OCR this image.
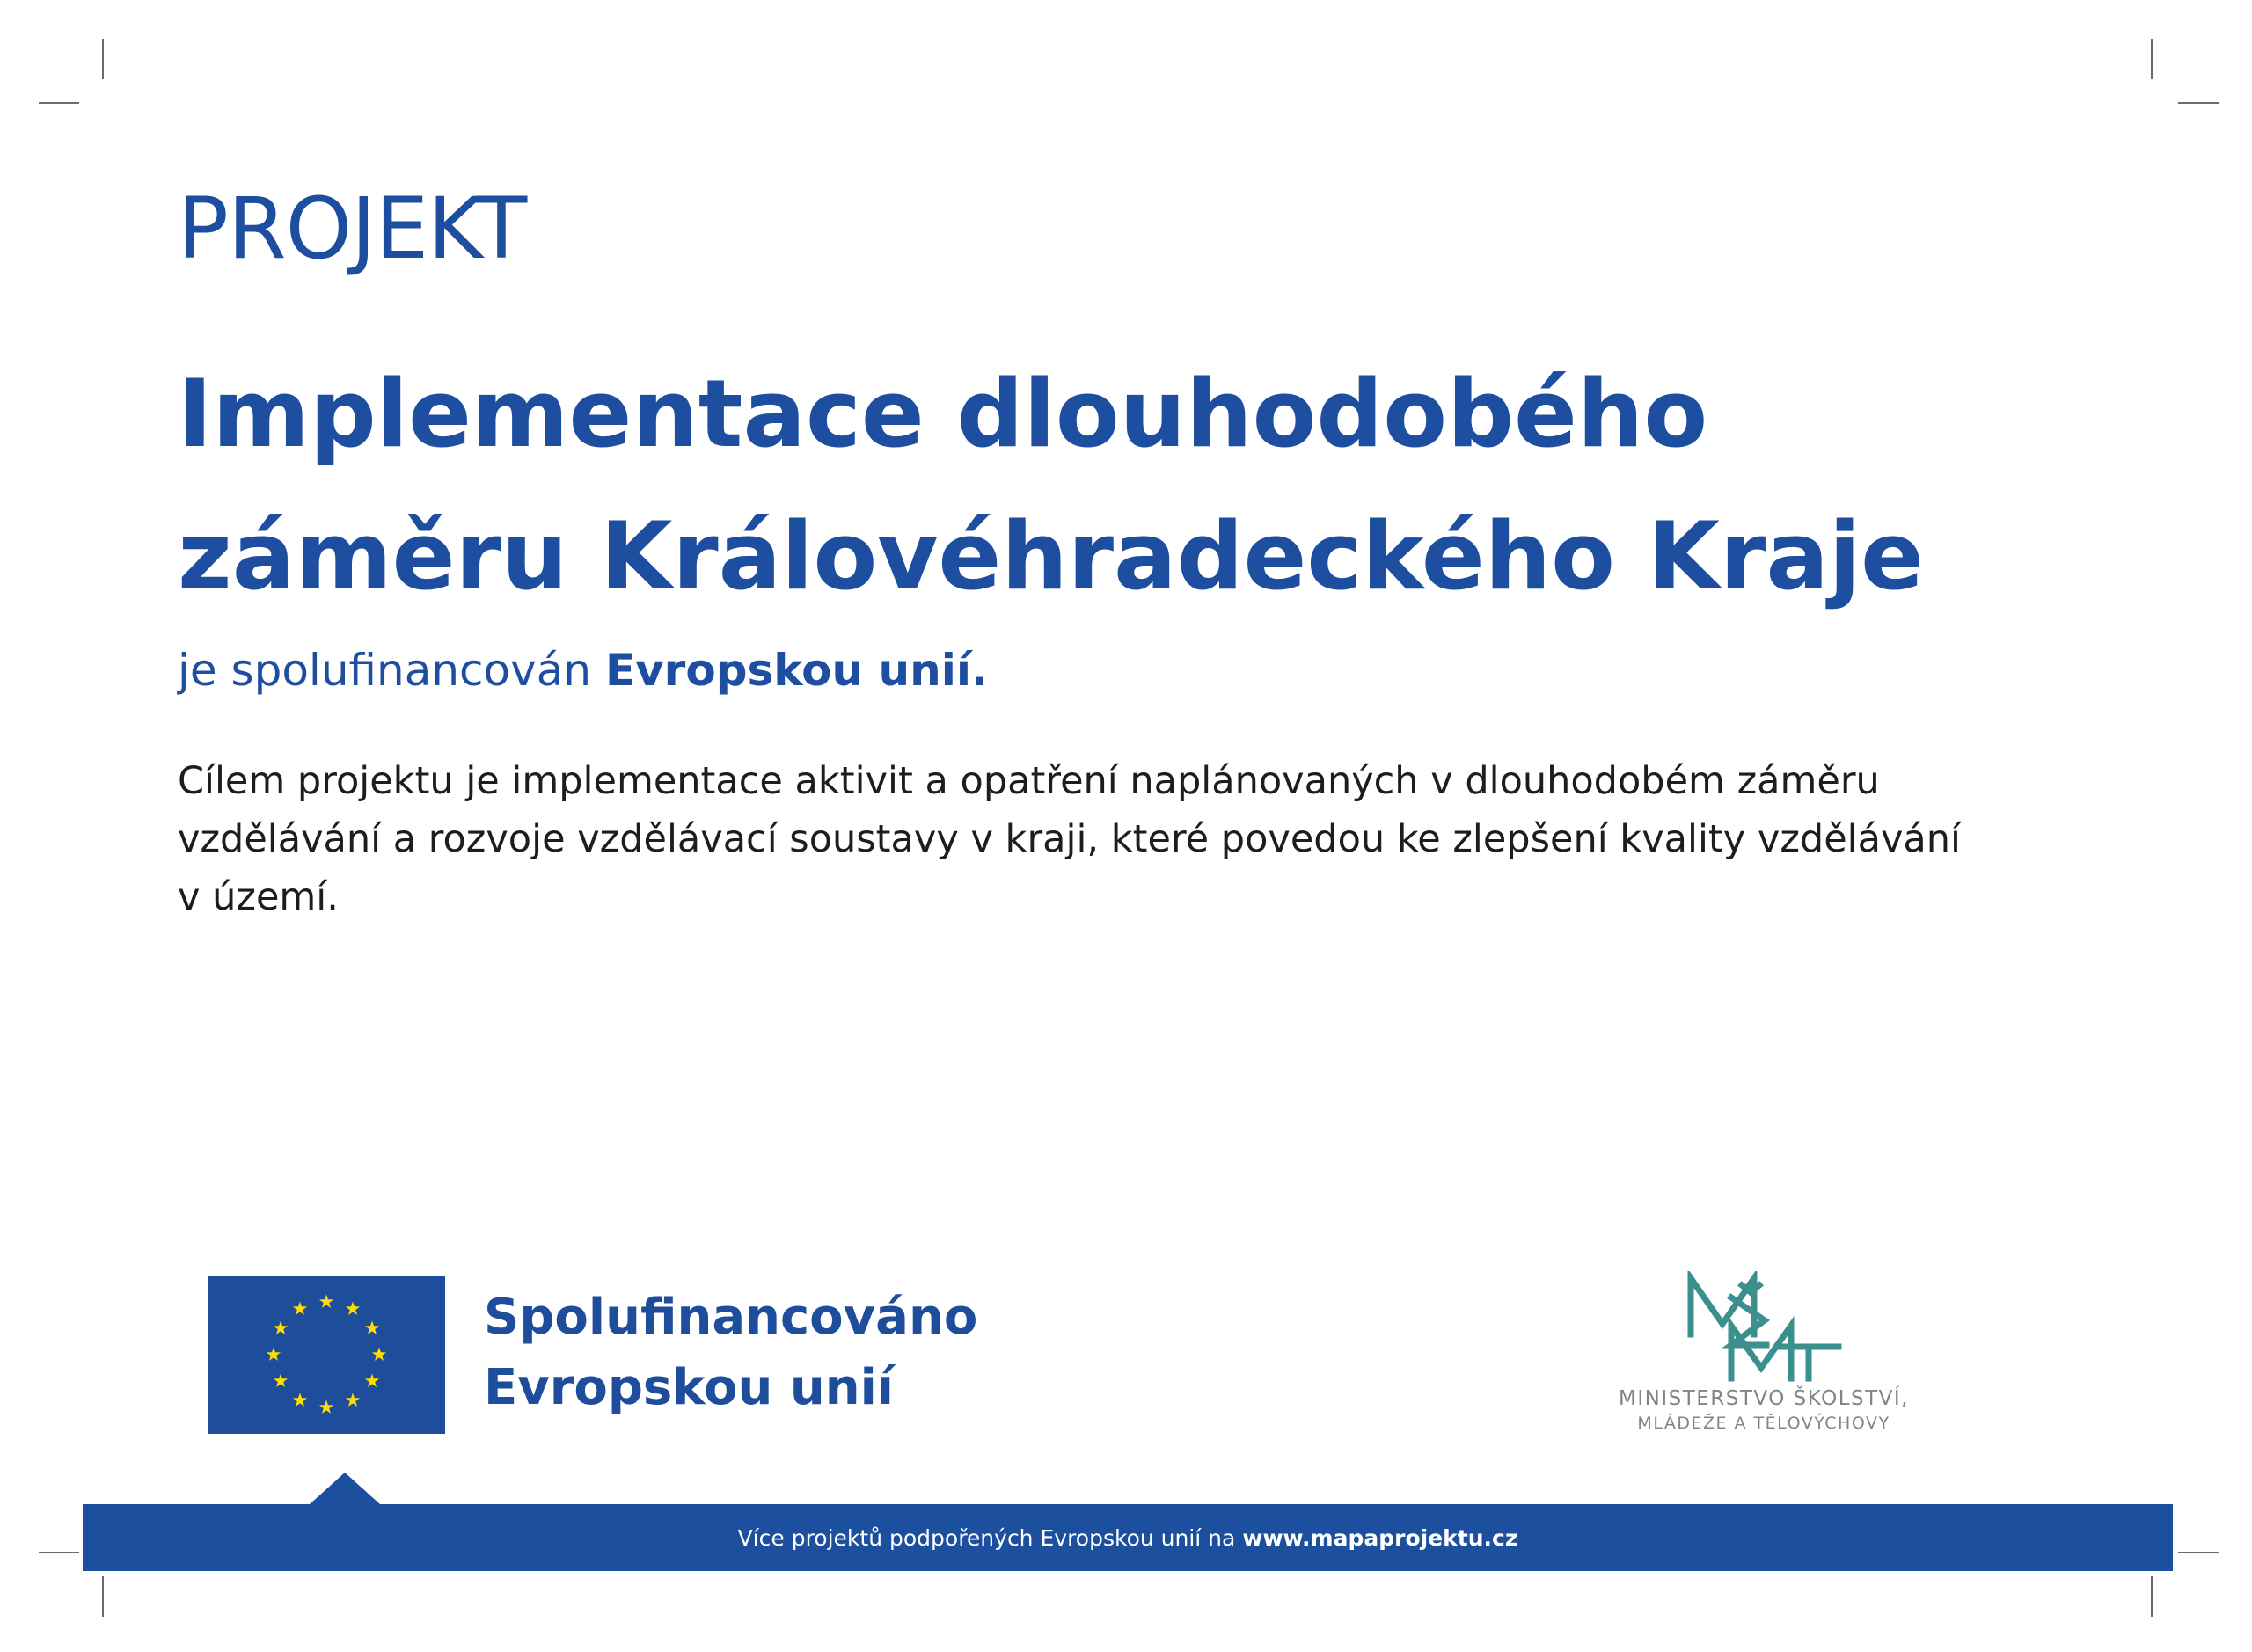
PROJEKT
Implementace dlouhodobého
záměru Královéhradeckého Kraje
je spolufinancován Evropskou unií.
Cílem projektu je implementace aktivit a opatření naplánovaných v dlouhodobém záměru
vzdělávání a rozvoje vzdělávací soustavy v kraji, které povedou ke zlepšení kvality vzdělávání
v území.
Spolufinancováno
Evropskou unií	MINISTERSTVO ŠKOLSTVÍ,
MLÁDEŽE A TĚLOVÝCHOVY
Více projektů podpořených Evropskou unií na www.mapaprojektu.cz
